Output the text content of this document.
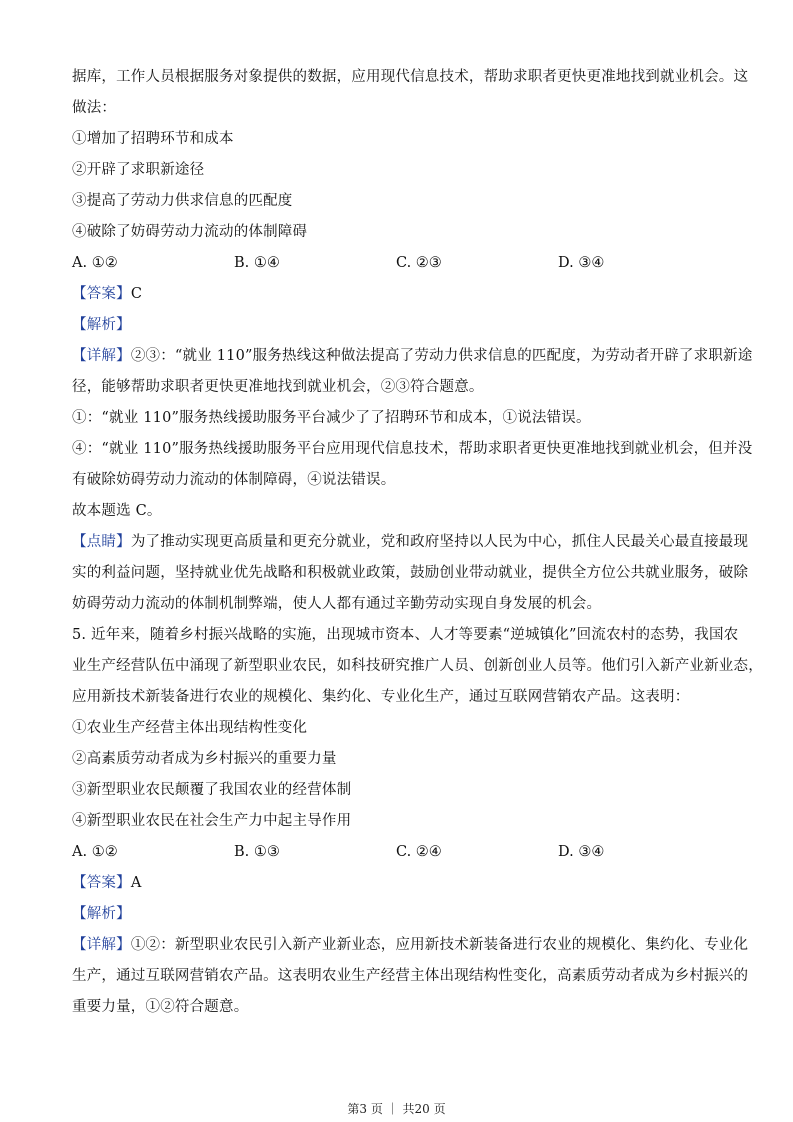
据库，工作人员根据服务对象提供的数据，应用现代信息技术，帮助求职者更快更准地找到就业机会。这
做法：
①增加了招聘环节和成本
②开辟了求职新途径
③提高了劳动力供求信息的匹配度
④破除了妨碍劳动力流动的体制障碍
A. ①②	B. ①④	C. ②③	D. ③④
【答案】C
【解析】
【详解】②③：“就业 110”服务热线这种做法提高了劳动力供求信息的匹配度，为劳动者开辟了求职新途
径，能够帮助求职者更快更准地找到就业机会，②③符合题意。
①：“就业 110”服务热线援助服务平台减少了了招聘环节和成本，①说法错误。
④：“就业 110”服务热线援助服务平台应用现代信息技术，帮助求职者更快更准地找到就业机会，但并没
有破除妨碍劳动力流动的体制障碍，④说法错误。
故本题选 C。
【点睛】为了推动实现更高质量和更充分就业，党和政府坚持以人民为中心，抓住人民最关心最直接最现
实的利益问题，坚持就业优先战略和积极就业政策，鼓励创业带动就业，提供全方位公共就业服务，破除
妨碍劳动力流动的体制机制弊端，使人人都有通过辛勤劳动实现自身发展的机会。
5. 近年来，随着乡村振兴战略的实施，出现城市资本、人才等要素“逆城镇化”回流农村的态势，我国农
业生产经营队伍中涌现了新型职业农民，如科技研究推广人员、创新创业人员等。他们引入新产业新业态，
应用新技术新装备进行农业的规模化、集约化、专业化生产，通过互联网营销农产品。这表明：
①农业生产经营主体出现结构性变化
②高素质劳动者成为乡村振兴的重要力量
③新型职业农民颠覆了我国农业的经营体制
④新型职业农民在社会生产力中起主导作用
A. ①②	B. ①③	C. ②④	D. ③④
【答案】A
【解析】
【详解】①②：新型职业农民引入新产业新业态，应用新技术新装备进行农业的规模化、集约化、专业化
生产，通过互联网营销农产品。这表明农业生产经营主体出现结构性变化，高素质劳动者成为乡村振兴的
重要力量，①②符合题意。
第3 页 ｜ 共20 页
